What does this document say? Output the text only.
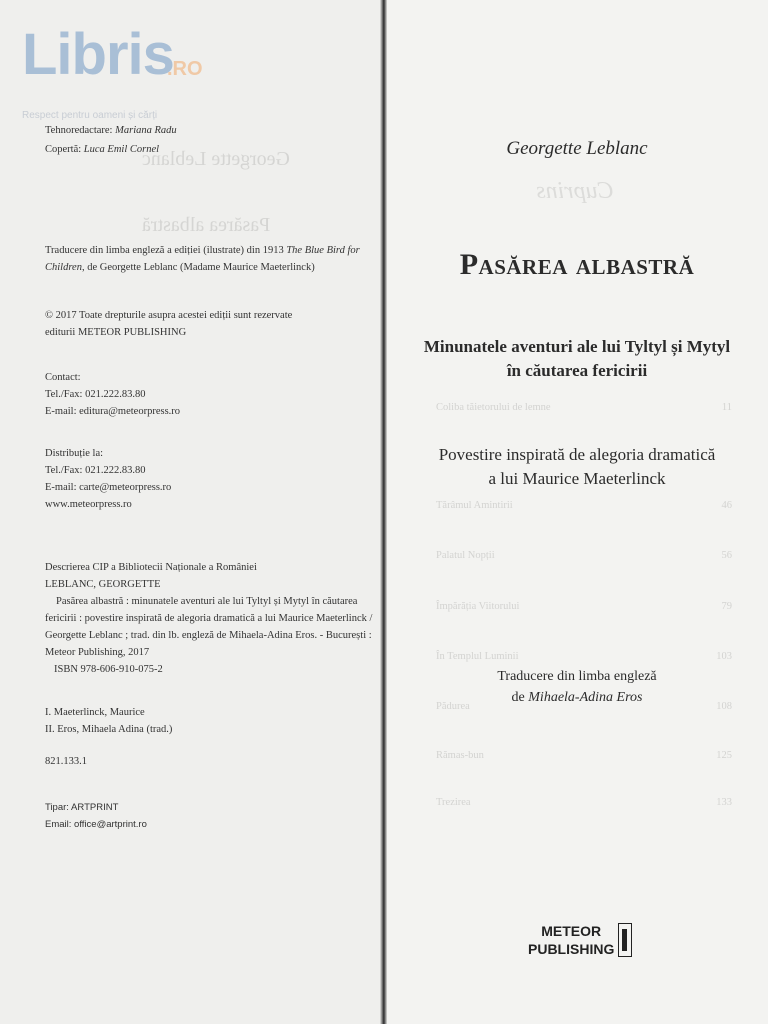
Libris
.RO
Respect pentru oameni și cărți
Georgette Leblanc
Pasărea albastră
Tehnoredactare: Mariana Radu
Copertă: Luca Emil Cornel
Traducere din limba engleză a ediției (ilustrate) din 1913 The Blue Bird for
Children, de Georgette Leblanc (Madame Maurice Maeterlinck)
© 2017 Toate drepturile asupra acestei ediții sunt rezervate
editurii METEOR PUBLISHING
Contact:
Tel./Fax: 021.222.83.80
E-mail: editura@meteorpress.ro
Distribuție la:
Tel./Fax: 021.222.83.80
E-mail: carte@meteorpress.ro
www.meteorpress.ro
Descrierea CIP a Bibliotecii Naționale a României
LEBLANC, GEORGETTE
Pasărea albastră : minunatele aventuri ale lui Tyltyl și Mytyl în căutarea
fericirii : povestire inspirată de alegoria dramatică a lui Maurice Maeterlinck /
Georgette Leblanc ; trad. din lb. engleză de Mihaela-Adina Eros. - București :
Meteor Publishing, 2017
ISBN 978-606-910-075-2
I. Maeterlinck, Maurice
II. Eros, Mihaela Adina (trad.)
821.133.1
Tipar: ARTPRINT
Email: office@artprint.ro
Cuprins
Coliba tăietorului de lemne	11
Tărâmul Amintirii	46
Palatul Nopții	56
Împărăția Viitorului	79
În Templul Luminii	103
Pădurea	108
Rămas-bun	125
Trezirea	133
Georgette Leblanc
Pasărea albastră
Minunatele aventuri ale lui Tyltyl și Mytyl
în căutarea fericirii
Povestire inspirată de alegoria dramatică
a lui Maurice Maeterlinck
Traducere din limba engleză
de Mihaela-Adina Eros
METEOR
PUBLISHING
